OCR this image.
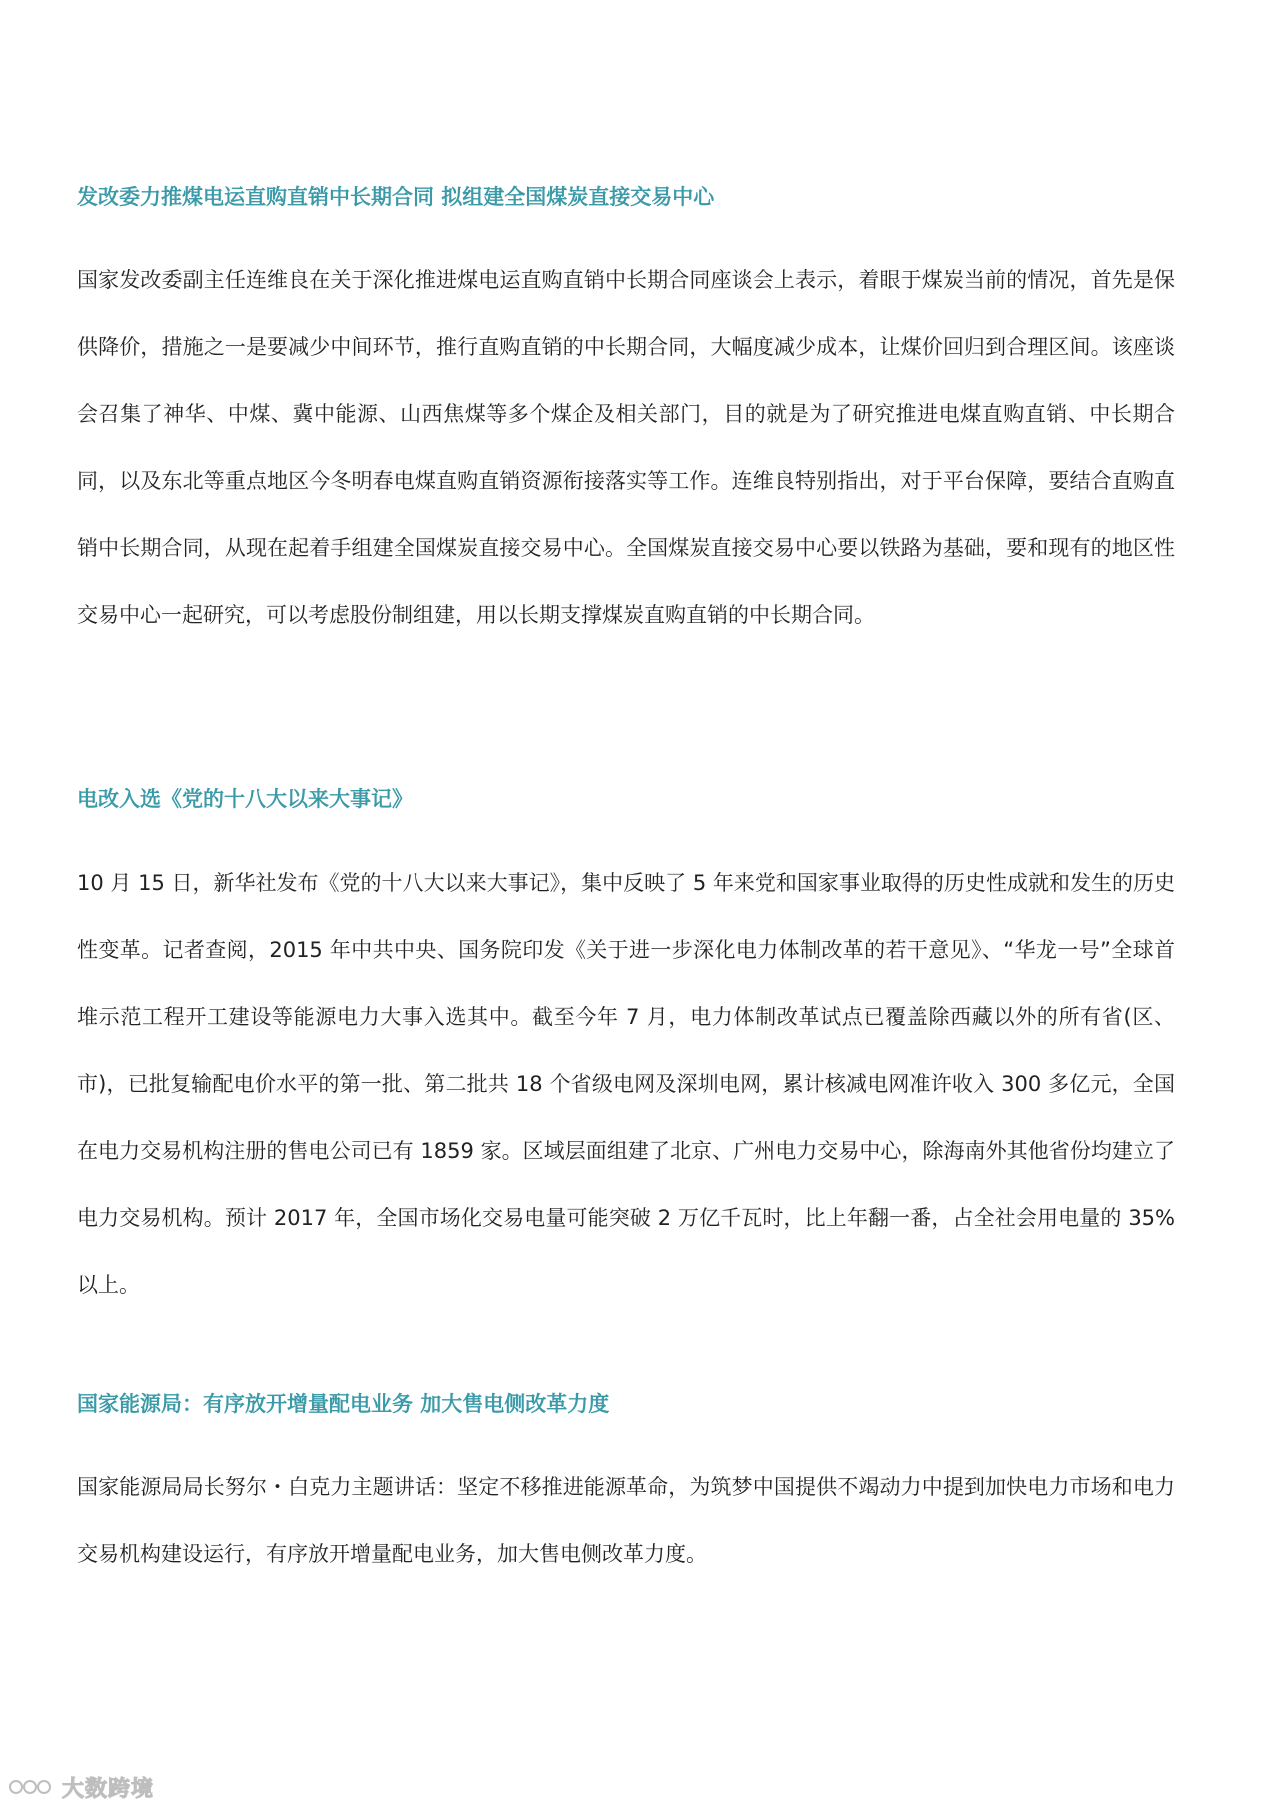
发改委力推煤电运直购直销中长期合同 拟组建全国煤炭直接交易中心

国家发改委副主任连维良在关于深化推进煤电运直购直销中长期合同座谈会上表示，着眼于煤炭当前的情况，首先是保供降价，措施之一是要减少中间环节，推行直购直销的中长期合同，大幅度减少成本，让煤价回归到合理区间。该座谈会召集了神华、中煤、冀中能源、山西焦煤等多个煤企及相关部门，目的就是为了研究推进电煤直购直销、中长期合同，以及东北等重点地区今冬明春电煤直购直销资源衔接落实等工作。连维良特别指出，对于平台保障，要结合直购直销中长期合同，从现在起着手组建全国煤炭直接交易中心。全国煤炭直接交易中心要以铁路为基础，要和现有的地区性交易中心一起研究，可以考虑股份制组建，用以长期支撑煤炭直购直销的中长期合同。

电改入选《党的十八大以来大事记》

10 月 15 日，新华社发布《党的十八大以来大事记》，集中反映了 5 年来党和国家事业取得的历史性成就和发生的历史性变革。记者查阅，2015 年中共中央、国务院印发《关于进一步深化电力体制改革的若干意见》、“华龙一号”全球首堆示范工程开工建设等能源电力大事入选其中。截至今年 7 月，电力体制改革试点已覆盖除西藏以外的所有省(区、市)，已批复输配电价水平的第一批、第二批共 18 个省级电网及深圳电网，累计核减电网准许收入 300 多亿元，全国在电力交易机构注册的售电公司已有 1859 家。区域层面组建了北京、广州电力交易中心，除海南外其他省份均建立了电力交易机构。预计 2017 年，全国市场化交易电量可能突破 2 万亿千瓦时，比上年翻一番，占全社会用电量的 35%以上。

国家能源局：有序放开增量配电业务 加大售电侧改革力度

国家能源局局长努尔・白克力主题讲话：坚定不移推进能源革命，为筑梦中国提供不竭动力中提到加快电力市场和电力交易机构建设运行，有序放开增量配电业务，加大售电侧改革力度。

大数跨境
